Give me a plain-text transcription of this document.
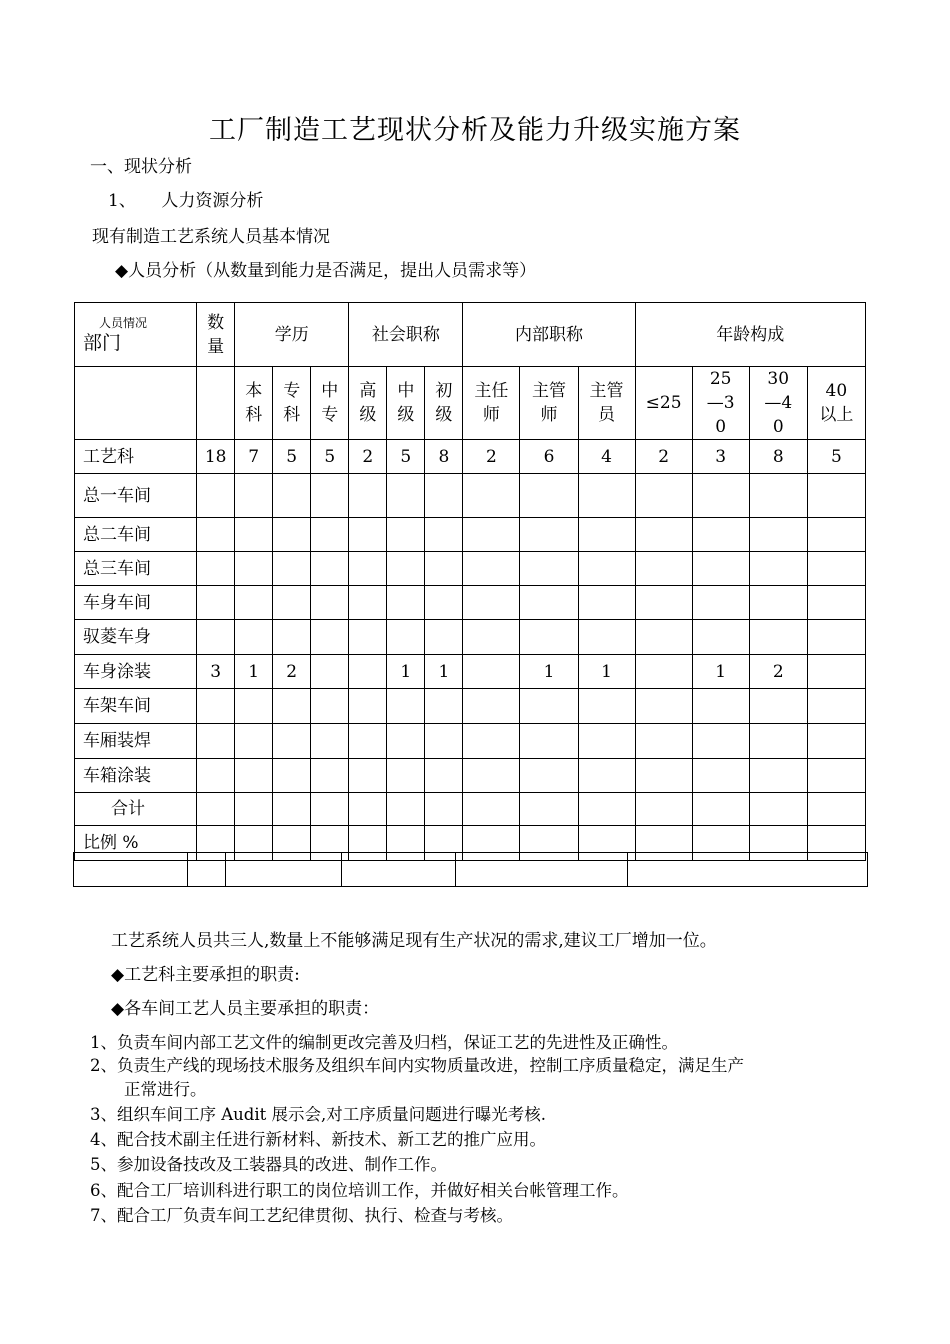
工厂制造工艺现状分析及能力升级实施方案
一、现状分析
1、　　人力资源分析
现有制造工艺系统人员基本情况
◆人员分析（从数量到能力是否满足，提出人员需求等）
人员情况
部门	数量	学历			社会职称			内部职称			年龄构成			
		本科	专科	中专	高级	中级	初级	主任师	主管师	主管员	≤25	25—30	30—40	40以上
工艺科	18	7	5	5	2	5	8	2	6	4	2	3	8	5
总一车间														
总二车间														
总三车间														
车身车间														
驭菱车身														
车身涂装	3	1	2			1	1		1	1		1	2	
车架车间														
车厢装焊														
车箱涂装														
合计														
比例 %														

工艺系统人员共三人,数量上不能够满足现有生产状况的需求,建议工厂增加一位。
◆工艺科主要承担的职责:
◆各车间工艺人员主要承担的职责：
1、负责车间内部工艺文件的编制更改完善及归档，保证工艺的先进性及正确性。
2、负责生产线的现场技术服务及组织车间内实物质量改进，控制工序质量稳定，满足生产
正常进行。
3、组织车间工序 Audit 展示会,对工序质量问题进行曝光考核.
4、配合技术副主任进行新材料、新技术、新工艺的推广应用。
5、参加设备技改及工装器具的改进、制作工作。
6、配合工厂培训科进行职工的岗位培训工作，并做好相关台帐管理工作。
7、配合工厂负责车间工艺纪律贯彻、执行、检查与考核。
